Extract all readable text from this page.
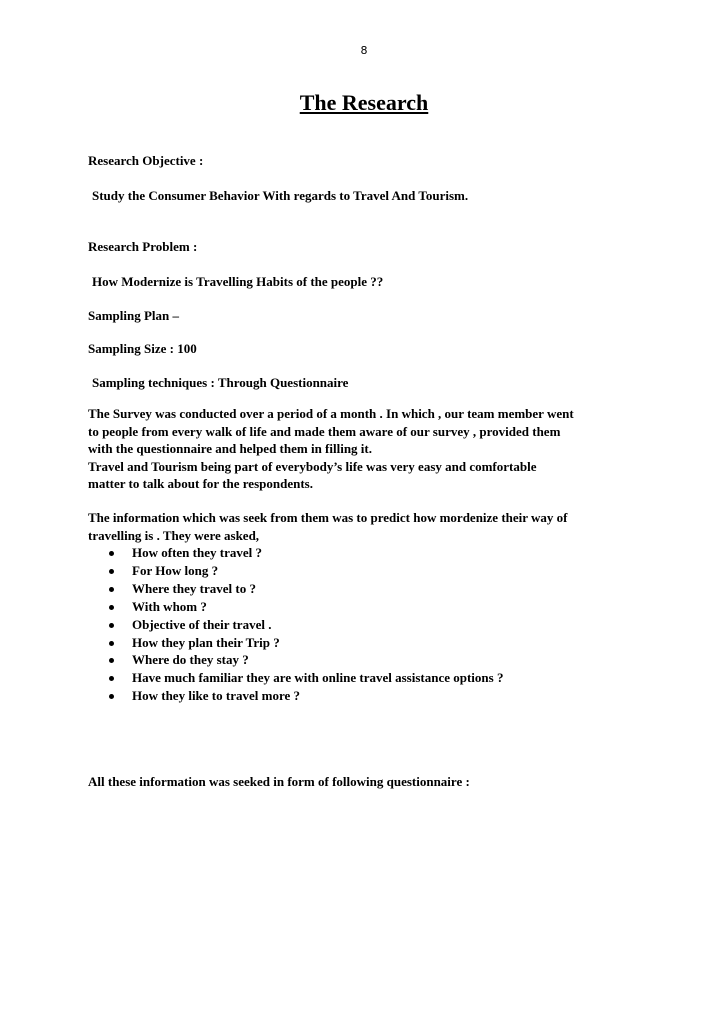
8
The Research

Research Objective :

Study the Consumer Behavior With regards to Travel And Tourism.

Research Problem :

How Modernize is Travelling Habits of the people ??

Sampling Plan –

Sampling Size : 100

Sampling techniques : Through Questionnaire

The Survey was conducted over a period of a month . In which , our team member went
to people from every walk of life and made them aware of our survey , provided them
with the questionnaire and helped them in filling it.
Travel and Tourism being part of everybody’s life was very easy and comfortable
matter to talk about for the respondents.
The information which was seek from them was to predict how mordenize their way of
travelling is . They were asked,
How often they travel ?
For How long ?
Where they travel to ?
With whom ?
Objective of their travel .
How they plan their Trip ?
Where do they stay ?
Have much familiar they are with online travel assistance options ?
How they like to travel more ?

All these information was seeked in form of following questionnaire :
